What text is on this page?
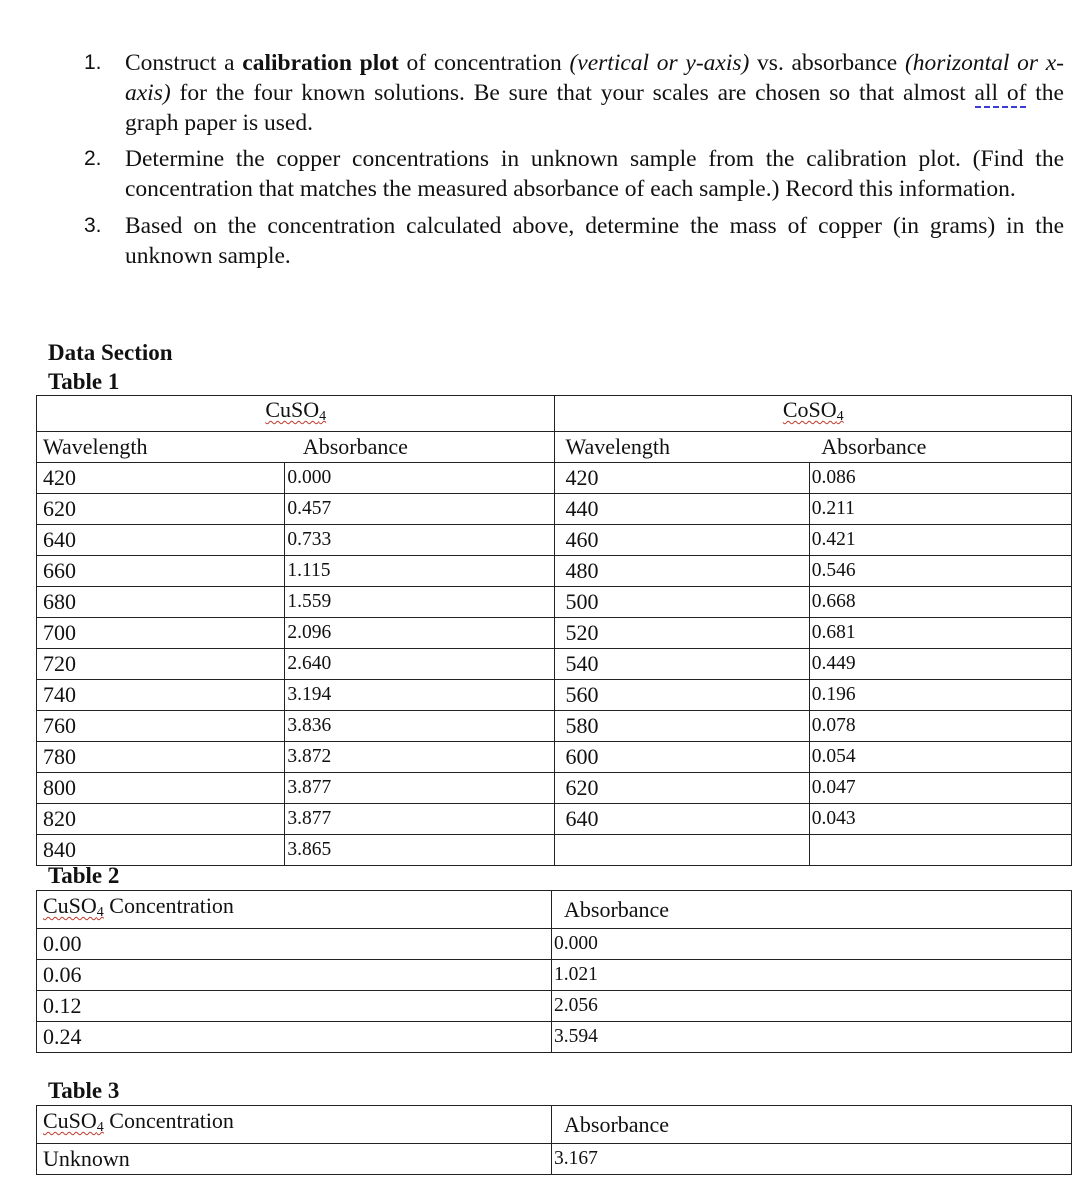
1. Construct a calibration plot of concentration (vertical or y-axis) vs. absorbance (horizontal or x-axis) for the four known solutions. Be sure that your scales are chosen so that almost all of the graph paper is used.
2. Determine the copper concentrations in unknown sample from the calibration plot. (Find the concentration that matches the measured absorbance of each sample.) Record this information.
3. Based on the concentration calculated above, determine the mass of copper (in grams) in the unknown sample.
Data Section
Table 1
CuSO$_4$		CoSO$_4$
Wavelength	Absorbance	Wavelength	Absorbance
420	0.000	420	0.086
620	0.457	440	0.211
640	0.733	460	0.421
660	1.115	480	0.546
680	1.559	500	0.668
700	2.096	520	0.681
720	2.640	540	0.449
740	3.194	560	0.196
760	3.836	580	0.078
780	3.872	600	0.054
800	3.877	620	0.047
820	3.877	640	0.043
840	3.865		
Table 2
CuSO$_4$ Concentration	Absorbance
0.00	0.000
0.06	1.021
0.12	2.056
0.24	3.594
Table 3
CuSO$_4$ Concentration	Absorbance
Unknown	3.167
